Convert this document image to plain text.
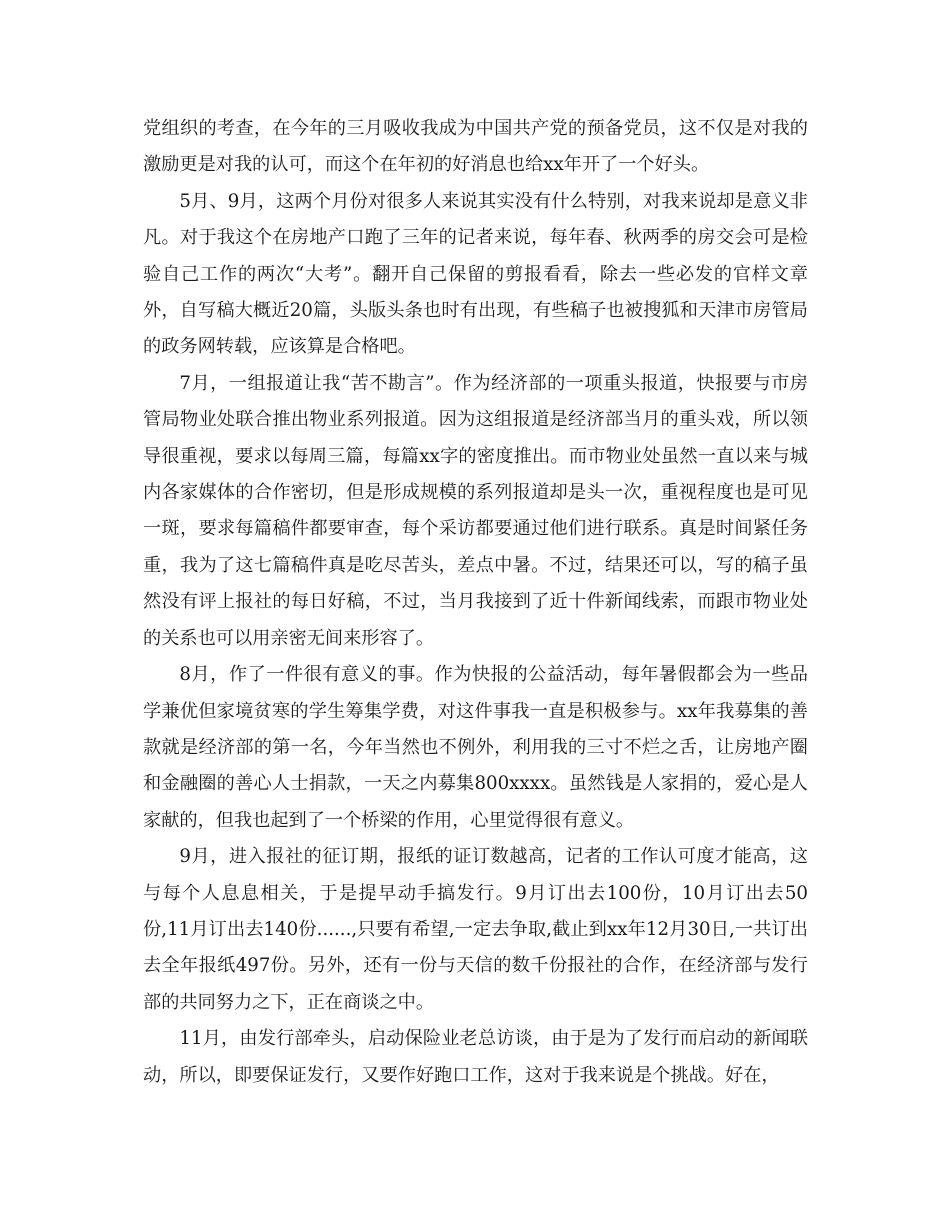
党组织的考查，在今年的三月吸收我成为中国共产党的预备党员，这不仅是对我的激励更是对我的认可，而这个在年初的好消息也给xx年开了一个好头。

5月、9月，这两个月份对很多人来说其实没有什么特别，对我来说却是意义非凡。对于我这个在房地产口跑了三年的记者来说，每年春、秋两季的房交会可是检验自己工作的两次“大考”。翻开自己保留的剪报看看，除去一些必发的官样文章外，自写稿大概近20篇，头版头条也时有出现，有些稿子也被搜狐和天津市房管局的政务网转载，应该算是合格吧。

7月，一组报道让我“苦不勘言”。作为经济部的一项重头报道，快报要与市房管局物业处联合推出物业系列报道。因为这组报道是经济部当月的重头戏，所以领导很重视，要求以每周三篇，每篇xx字的密度推出。而市物业处虽然一直以来与城内各家媒体的合作密切，但是形成规模的系列报道却是头一次，重视程度也是可见一斑，要求每篇稿件都要审查，每个采访都要通过他们进行联系。真是时间紧任务重，我为了这七篇稿件真是吃尽苦头，差点中暑。不过，结果还可以，写的稿子虽然没有评上报社的每日好稿，不过，当月我接到了近十件新闻线索，而跟市物业处的关系也可以用亲密无间来形容了。

8月，作了一件很有意义的事。作为快报的公益活动，每年暑假都会为一些品学兼优但家境贫寒的学生筹集学费，对这件事我一直是积极参与。xx年我募集的善款就是经济部的第一名，今年当然也不例外，利用我的三寸不烂之舌，让房地产圈和金融圈的善心人士捐款，一天之内募集800xxxx。虽然钱是人家捐的，爱心是人家献的，但我也起到了一个桥梁的作用，心里觉得很有意义。

9月，进入报社的征订期，报纸的证订数越高，记者的工作认可度才能高，这与每个人息息相关，于是提早动手搞发行。9月订出去100份，10月订出去50份,11月订出去140份......,只要有希望,一定去争取,截止到xx年12月30日,一共订出去全年报纸497份。另外，还有一份与天信的数千份报社的合作，在经济部与发行部的共同努力之下，正在商谈之中。

11月，由发行部牵头，启动保险业老总访谈，由于是为了发行而启动的新闻联动，所以，即要保证发行，又要作好跑口工作，这对于我来说是个挑战。好在，
